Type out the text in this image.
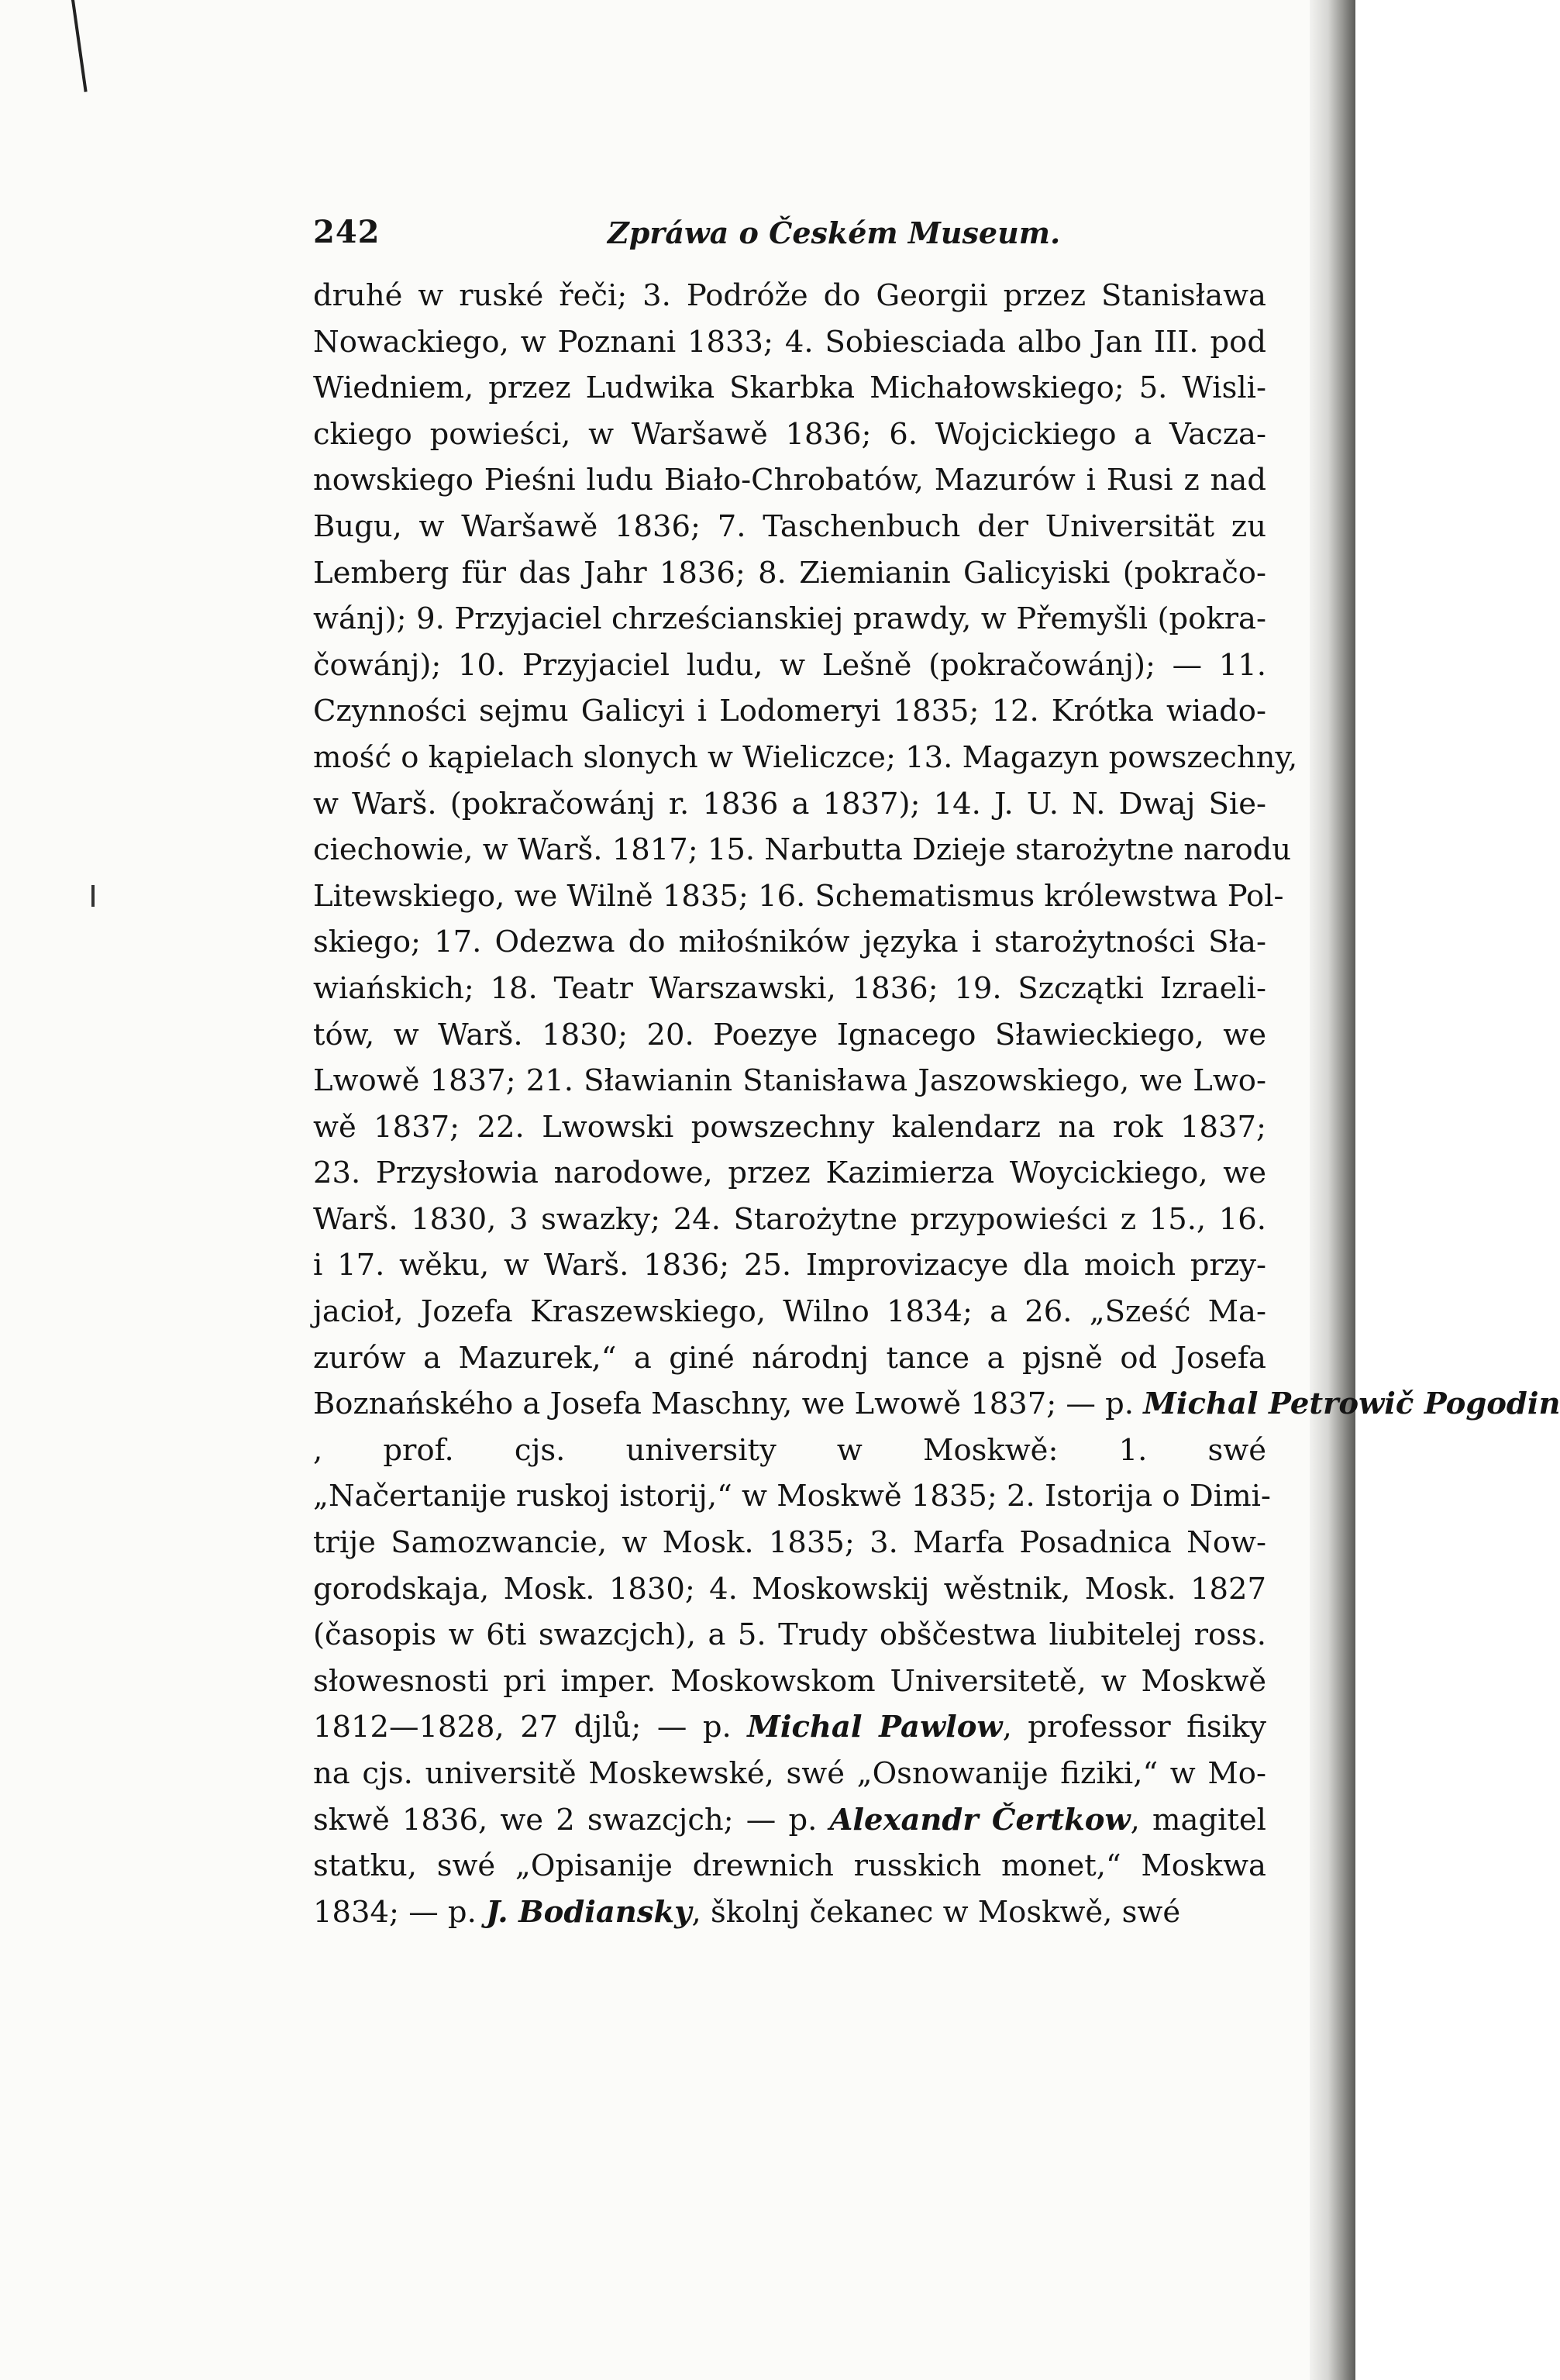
242	Zpráwa o Českém Museum.
druhé w ruské řeči; 3. Podróže do Georgii przez Stanisława
Nowackiego, w Poznani 1833; 4. Sobiesciada albo Jan III. pod
Wiedniem, przez Ludwika Skarbka Michałowskiego; 5. Wisli-
ckiego powieści, w Waršawě 1836; 6. Wojcickiego a Vacza-
nowskiego Pieśni ludu Biało-Chrobatów, Mazurów i Rusi z nad
Bugu, w Waršawě 1836; 7. Taschenbuch der Universität zu
Lemberg für das Jahr 1836; 8. Ziemianin Galicyiski (pokračo-
wánj); 9. Przyjaciel chrześcianskiej prawdy, w Přemyšli (pokra-
čowánj); 10. Przyjaciel ludu, w Lešně (pokračowánj); — 11.
Czynności sejmu Galicyi i Lodomeryi 1835; 12. Krótka wiado-
mość o kąpielach slonych w Wieliczce; 13. Magazyn powszechny,
w Warš. (pokračowánj r. 1836 a 1837); 14. J. U. N. Dwaj Sie-
ciechowie, w Warš. 1817; 15. Narbutta Dzieje starożytne narodu
Litewskiego, we Wilně 1835; 16. Schematismus królewstwa Pol-
skiego; 17. Odezwa do miłośników języka i starożytności Sła-
wiańskich; 18. Teatr Warszawski, 1836; 19. Szczątki Izraeli-
tów, w Warš. 1830; 20. Poezye Ignacego Sławieckiego, we
Lwowě 1837; 21. Sławianin Stanisława Jaszowskiego, we Lwo-
wě 1837; 22. Lwowski powszechny kalendarz na rok 1837;
23. Przysłowia narodowe, przez Kazimierza Woycickiego, we
Warš. 1830, 3 swazky; 24. Starożytne przypowieści z 15., 16.
i 17. wěku, w Warš. 1836; 25. Improvizacye dla moich przy-
jacioł, Jozefa Kraszewskiego, Wilno 1834; a 26. „Sześć Ma-
zurów a Mazurek,“ a giné národnj tance a pjsně od Josefa
Boznańského a Josefa Maschny, we Lwowě 1837; — p. Michal Petrowič Pogodin
, prof. cjs. university w Moskwě: 1. swé
„Načertanije ruskoj istorij,“ w Moskwě 1835; 2. Istorija o Dimi-
trije Samozwancie, w Mosk. 1835; 3. Marfa Posadnica Now-
gorodskaja, Mosk. 1830; 4. Moskowskij wěstnik, Mosk. 1827
(časopis w 6ti swazcjch), a 5. Trudy obščestwa liubitelej ross.
słowesnosti pri imper. Moskowskom Universitetě, w Moskwě
1812—1828, 27 djlů; — p. Michal Pawlow, professor fisiky
na cjs. universitě Moskewské, swé „Osnowanije fiziki,“ w Mo-
skwě 1836, we 2 swazcjch; — p. Alexandr Čertkow, magitel
statku, swé „Opisanije drewnich russkich monet,“ Moskwa
1834; — p. J. Bodiansky, školnj čekanec w Moskwě, swé
